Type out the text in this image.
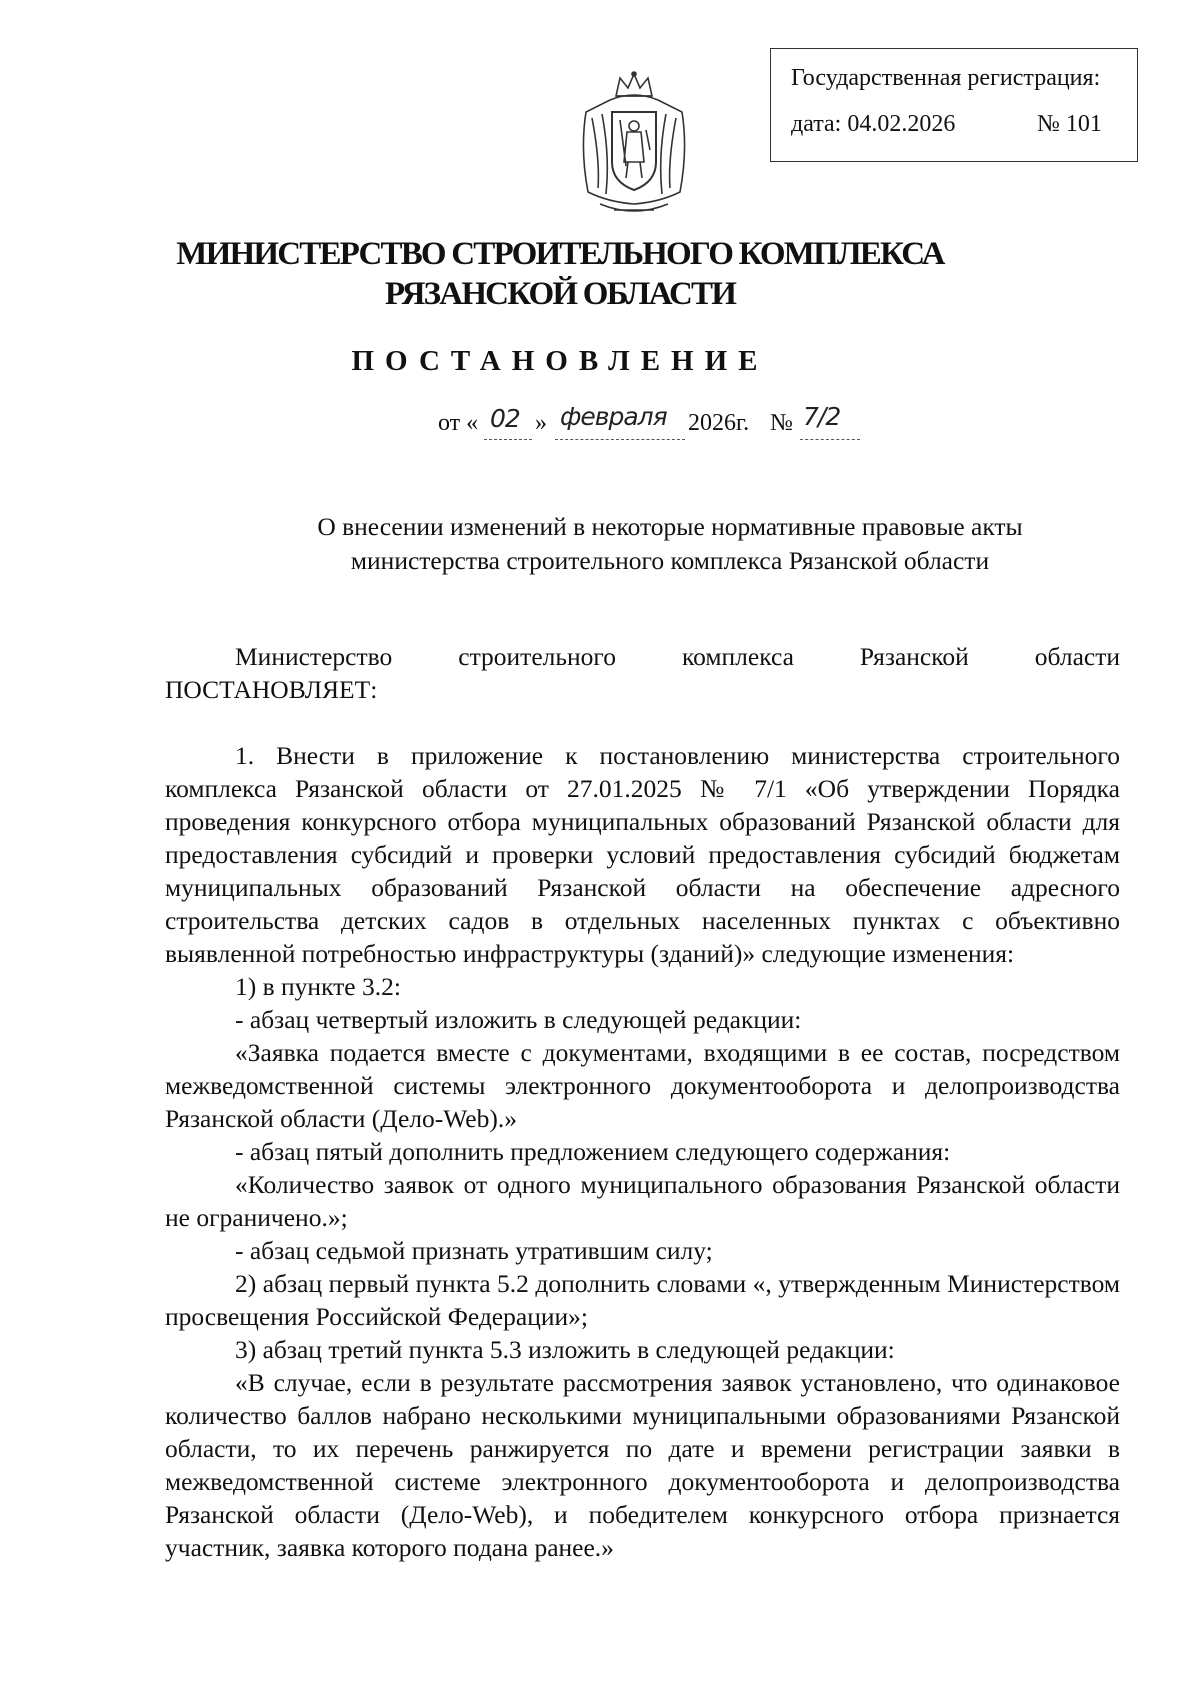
Государственная регистрация:
дата: 04.02.2026	№ 101
МИНИСТЕРСТВО СТРОИТЕЛЬНОГО КОМПЛЕКСА
РЯЗАНСКОЙ ОБЛАСТИ
ПОСТАНОВЛЕНИЕ
от « 02 » февраля 2026г. № 7/2
О внесении изменений в некоторые нормативные правовые акты
министерства строительного комплекса Рязанской области

Министерство строительного комплекса Рязанской области

ПОСТАНОВЛЯЕТ:

1. Внести в приложение к постановлению министерства строительного комплекса Рязанской области от 27.01.2025 № 7/1 «Об утверждении Порядка проведения конкурсного отбора муниципальных образований Рязанской области для предоставления субсидий и проверки условий предоставления субсидий бюджетам муниципальных образований Рязанской области на обеспечение адресного строительства детских садов в отдельных населенных пунктах с объективно выявленной потребностью инфраструктуры (зданий)» следующие изменения:

1) в пункте 3.2:

- абзац четвертый изложить в следующей редакции:

«Заявка подается вместе с документами, входящими в ее состав, посредством межведомственной системы электронного документооборота и делопроизводства Рязанской области (Дело-Web).»

- абзац пятый дополнить предложением следующего содержания:

«Количество заявок от одного муниципального образования Рязанской области не ограничено.»;

- абзац седьмой признать утратившим силу;

2) абзац первый пункта 5.2 дополнить словами «, утвержденным Министерством просвещения Российской Федерации»;

3) абзац третий пункта 5.3 изложить в следующей редакции:

«В случае, если в результате рассмотрения заявок установлено, что одинаковое количество баллов набрано несколькими муниципальными образованиями Рязанской области, то их перечень ранжируется по дате и времени регистрации заявки в межведомственной системе электронного документооборота и делопроизводства Рязанской области (Дело-Web), и победителем конкурсного отбора признается участник, заявка которого подана ранее.»
